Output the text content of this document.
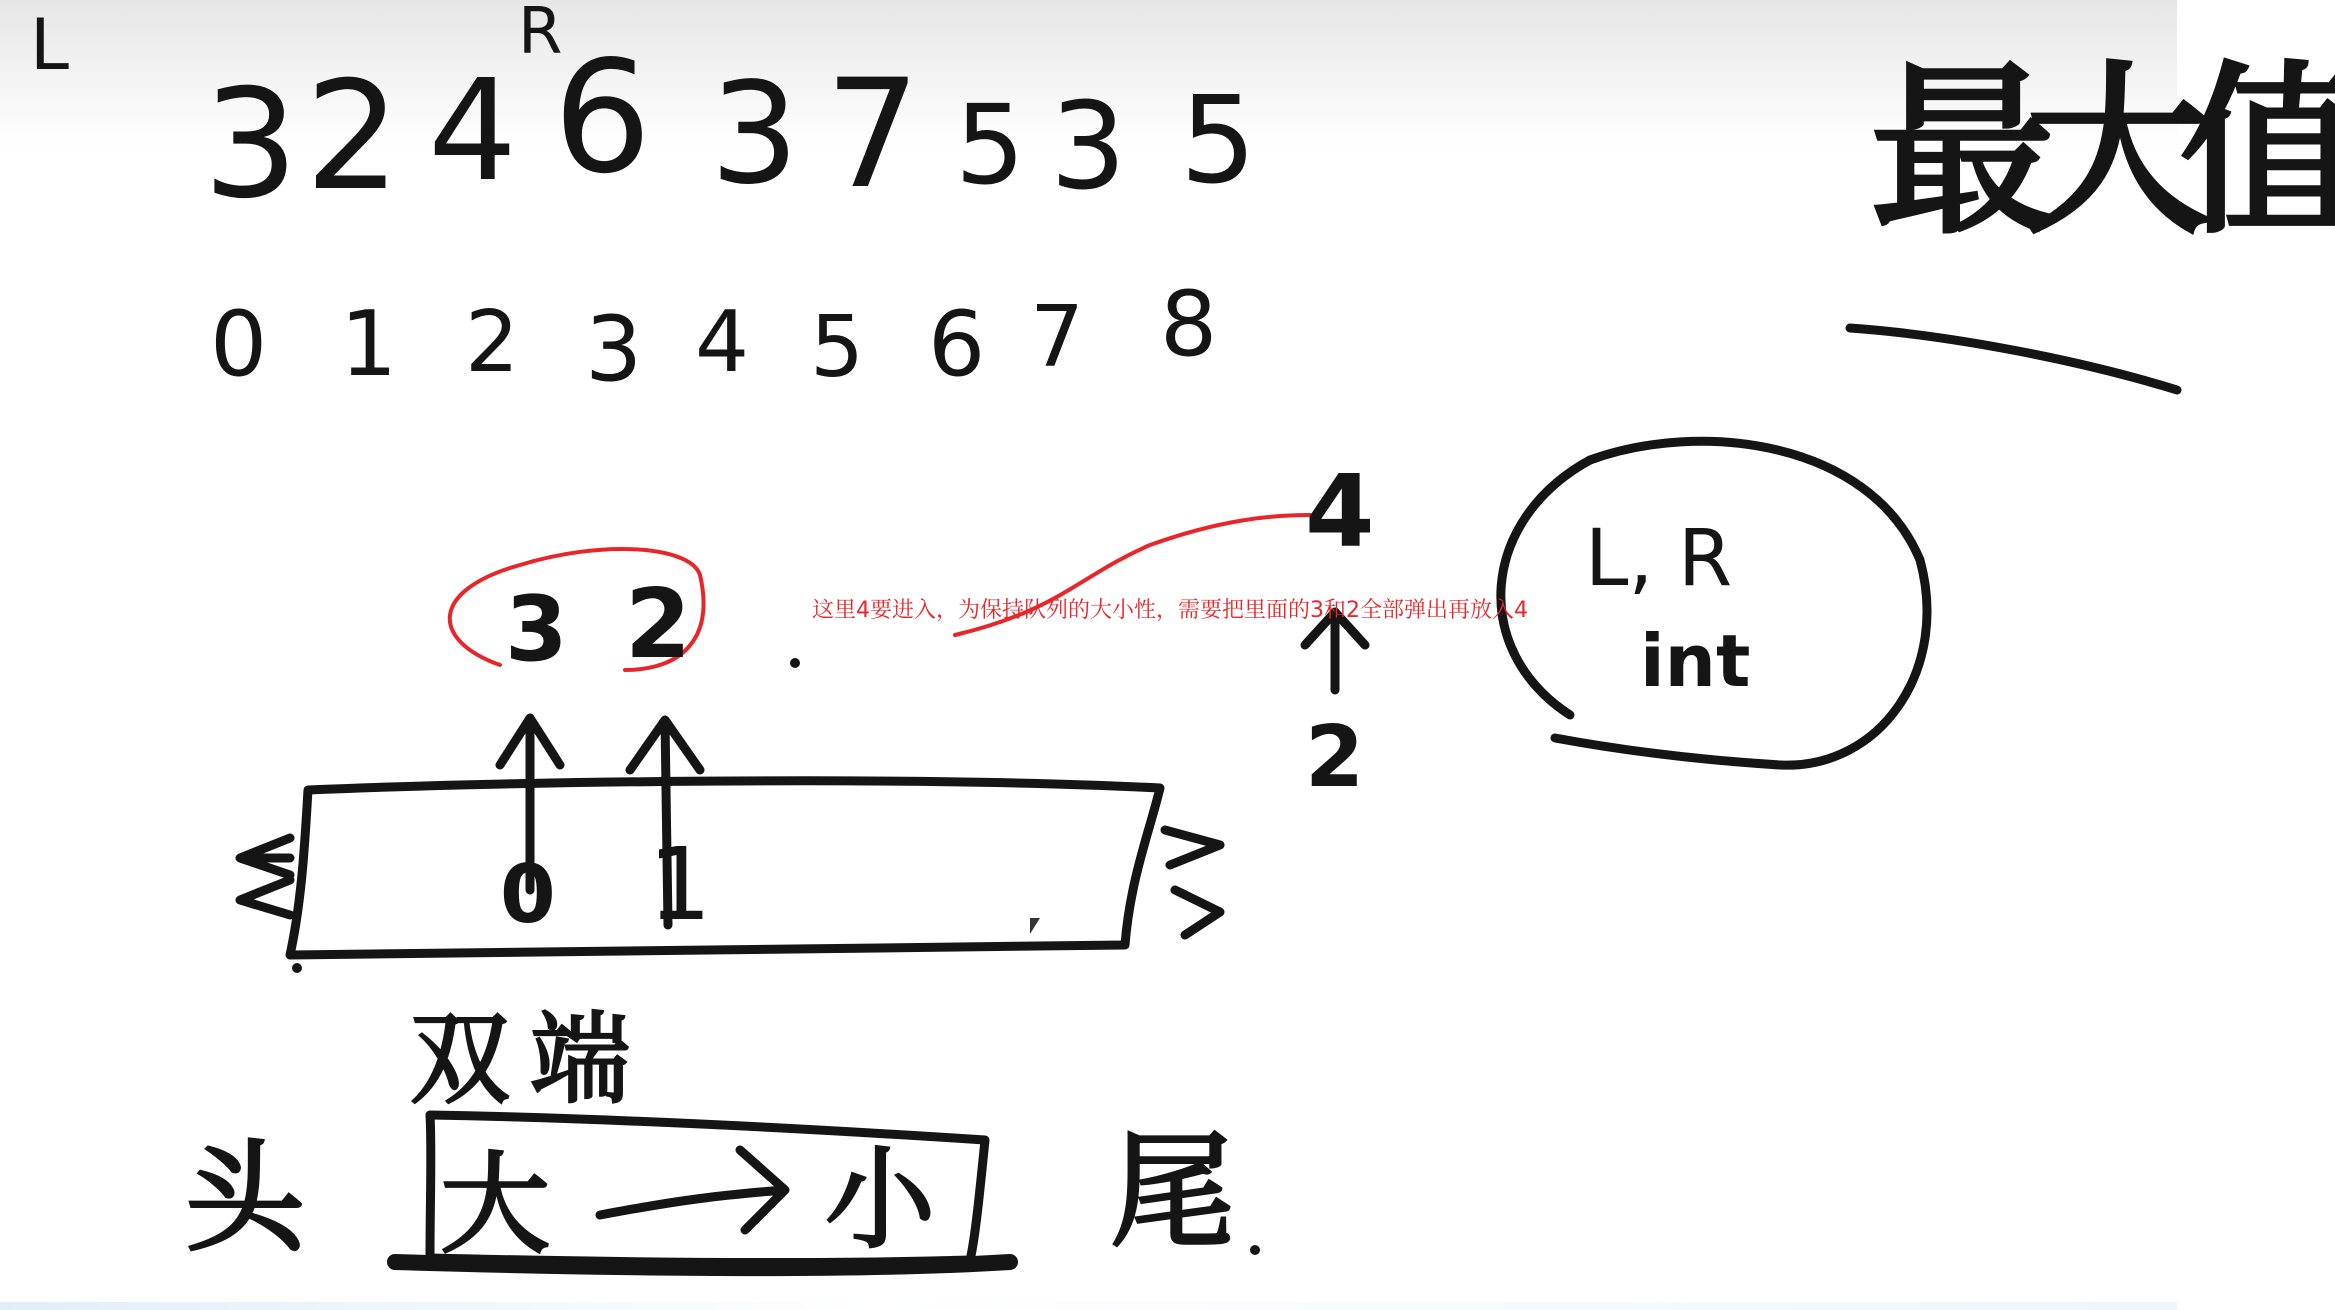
L	R
3 2 4 6 3 7 5 3 5
0 1 2 3 4 5 6 7 8
最大值
3 2
0 1
4
2
这里4要进入，为保持队列的大小性，需要把里面的3和2全部弹出再放入4
L, R
int
双端
头 大	小 尾
